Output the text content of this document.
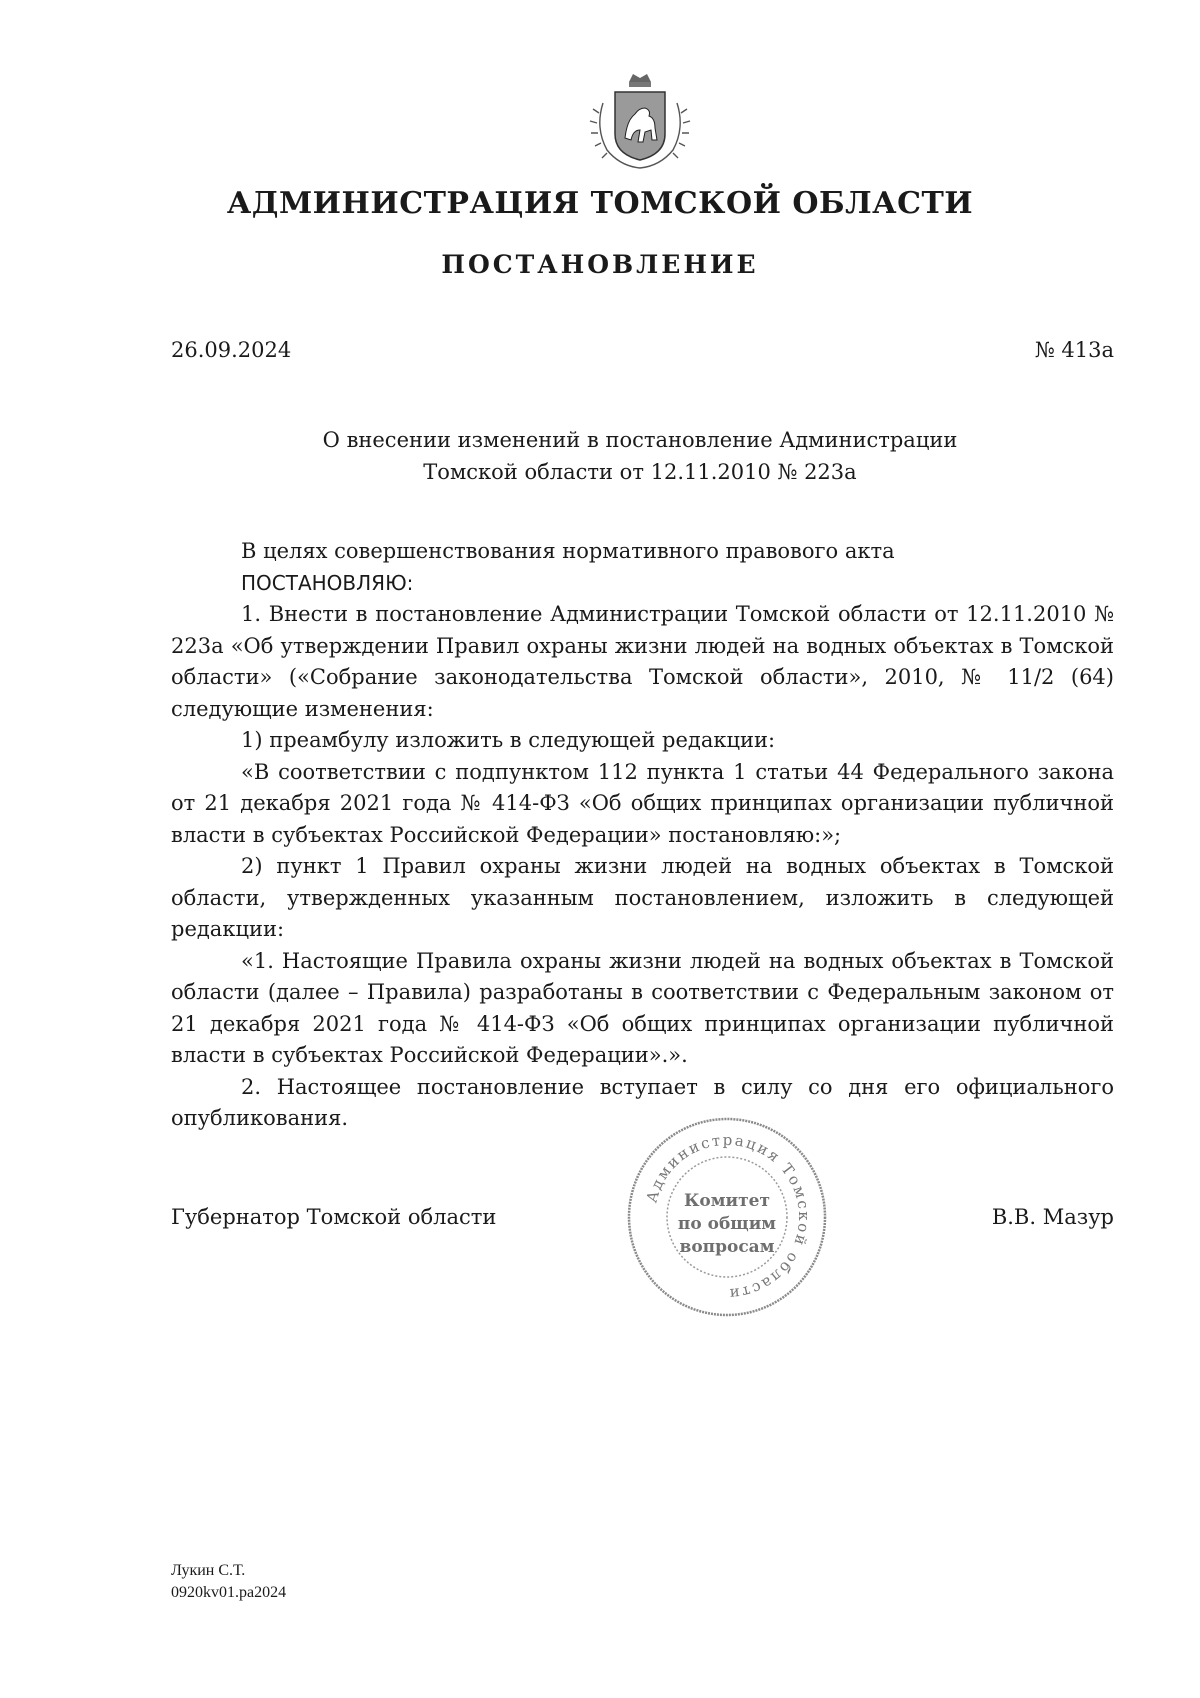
АДМИНИСТРАЦИЯ ТОМСКОЙ ОБЛАСТИ
ПОСТАНОВЛЕНИЕ
26.09.2024	№ 413а
О внесении изменений в постановление Администрации
Томской области от 12.11.2010 № 223а

В целях совершенствования нормативного правового акта

ПОСТАНОВЛЯЮ:

1. Внести в постановление Администрации Томской области от 12.11.2010 № 223а «Об утверждении Правил охраны жизни людей на водных объектах в Томской области» («Собрание законодательства Томской области», 2010, № 11/2 (64) следующие изменения:

1) преамбулу изложить в следующей редакции:

«В соответствии с подпунктом 112 пункта 1 статьи 44 Федерального закона от 21 декабря 2021 года № 414-ФЗ «Об общих принципах организации публичной власти в субъектах Российской Федерации» постановляю:»;

2) пункт 1 Правил охраны жизни людей на водных объектах в Томской области, утвержденных указанным постановлением, изложить в следующей редакции:

«1. Настоящие Правила охраны жизни людей на водных объектах в Томской области (далее – Правила) разработаны в соответствии с Федеральным законом от 21 декабря 2021 года № 414-ФЗ «Об общих принципах организации публичной власти в субъектах Российской Федерации».».

2. Настоящее постановление вступает в силу со дня его официального опубликования.

Губернатор Томской области	В.В. Мазур
Администрация Томской области
Комитет
по общим
вопросам
Лукин С.Т.
0920kv01.pa2024
